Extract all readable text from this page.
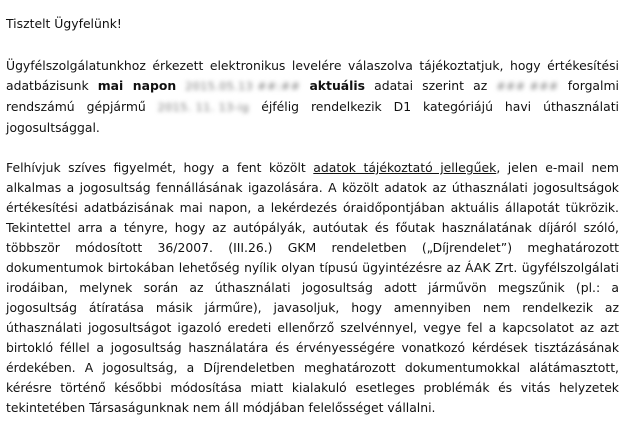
Tisztelt Ügyfelünk!

Ügyfélszolgálatunkhoz érkezett elektronikus levelére válaszolva tájékoztatjuk, hogy értékesítési adatbázisunk mai napon 2015.05.13 ##:## aktuális adatai szerint az ### ### forgalmi rendszámú gépjármű 2015. 11. 13-ig éjfélig rendelkezik D1 kategóriájú havi úthasználati jogosultsággal.

Felhívjuk szíves figyelmét, hogy a fent közölt adatok tájékoztató jellegűek, jelen e-mail nem alkalmas a jogosultság fennállásának igazolására. A közölt adatok az úthasználati jogosultságok értékesítési adatbázisának mai napon, a lekérdezés óraidőpontjában aktuális állapotát tükrözik. Tekintettel arra a tényre, hogy az autópályák, autóutak és főutak használatának díjáról szóló, többször módosított 36/2007. (III.26.) GKM rendeletben („Díjrendelet”) meghatározott dokumentumok birtokában lehetőség nyílik olyan típusú ügyintézésre az ÁAK Zrt. ügyfélszolgálati irodáiban, melynek során az úthasználati jogosultság adott járművön megszűnik (pl.: a jogosultság átíratása másik járműre), javasoljuk, hogy amennyiben nem rendelkezik az úthasználati jogosultságot igazoló eredeti ellenőrző szelvénnyel, vegye fel a kapcsolatot az azt birtokló féllel a jogosultság használatára és érvényességére vonatkozó kérdések tisztázásának érdekében. A jogosultság, a Díjrendeletben meghatározott dokumentumokkal alátámasztott, kérésre történő későbbi módosítása miatt kialakuló esetleges problémák és vitás helyzetek tekintetében Társaságunknak nem áll módjában felelősséget vállalni.
